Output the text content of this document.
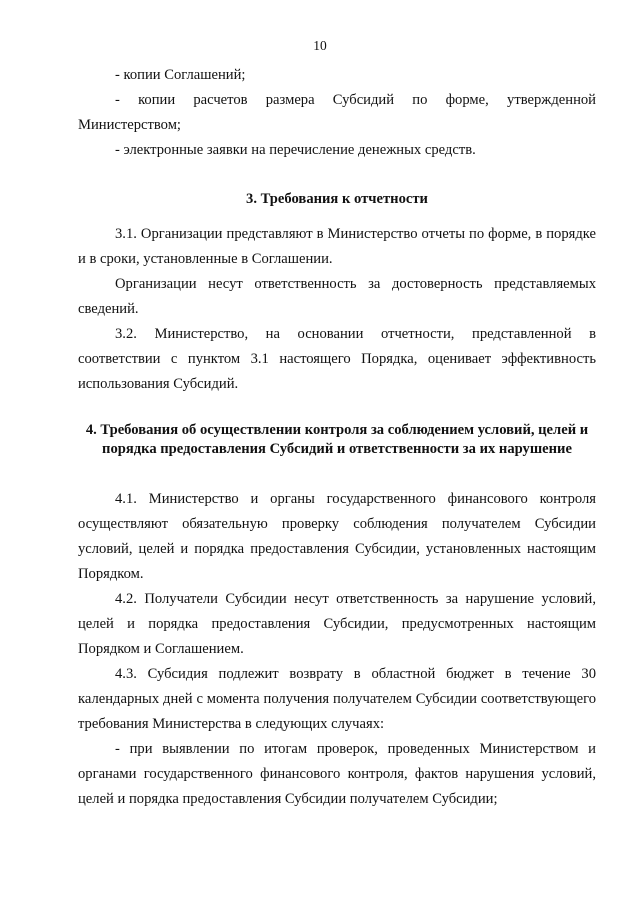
10

- копии Соглашений;

- копии расчетов размера Субсидий по форме, утвержденной Министерством;

- электронные заявки на перечисление денежных средств.

3. Требования к отчетности

3.1. Организации представляют в Министерство отчеты по форме, в порядке и в сроки, установленные в Соглашении.

Организации несут ответственность за достоверность представляемых сведений.

3.2. Министерство, на основании отчетности, представленной в соответствии с пунктом 3.1 настоящего Порядка, оценивает эффективность использования Субсидий.

4. Требования об осуществлении контроля за соблюдением условий, целей и порядка предоставления Субсидий и ответственности за их нарушение

4.1. Министерство и органы государственного финансового контроля осуществляют обязательную проверку соблюдения получателем Субсидии условий, целей и порядка предоставления Субсидии, установленных настоящим Порядком.

4.2. Получатели Субсидии несут ответственность за нарушение условий, целей и порядка предоставления Субсидии, предусмотренных настоящим Порядком и Соглашением.

4.3. Субсидия подлежит возврату в областной бюджет в течение 30 календарных дней с момента получения получателем Субсидии соответствующего требования Министерства в следующих случаях:

- при выявлении по итогам проверок, проведенных Министерством и органами государственного финансового контроля, фактов нарушения условий, целей и порядка предоставления Субсидии получателем Субсидии;
